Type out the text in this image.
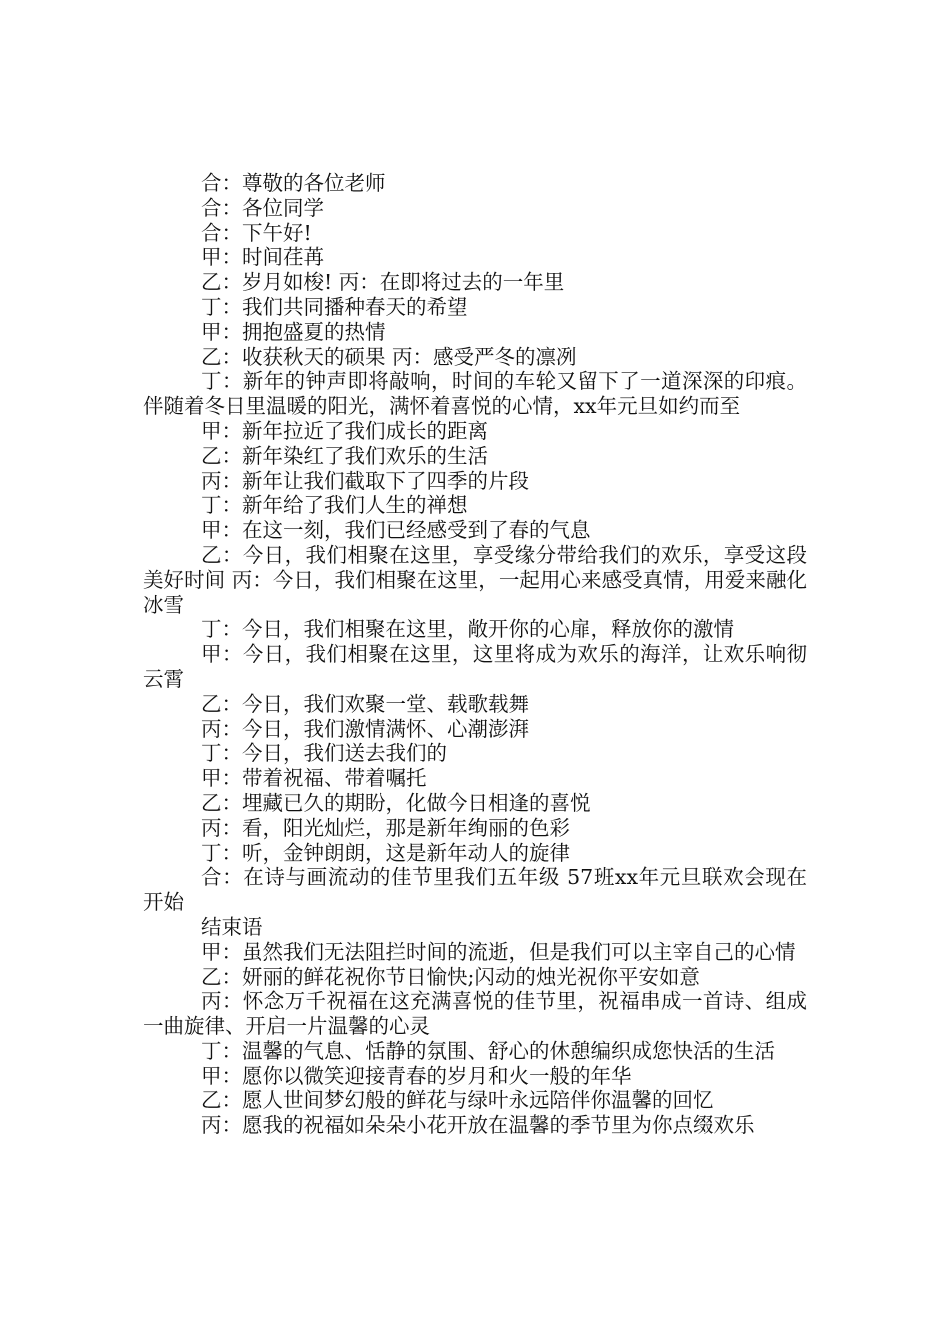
合：尊敬的各位老师

合：各位同学

合：下午好!

甲：时间荏苒

乙：岁月如梭! 丙：在即将过去的一年里

丁：我们共同播种春天的希望

甲：拥抱盛夏的热情

乙：收获秋天的硕果 丙：感受严冬的凛冽

丁：新年的钟声即将敲响，时间的车轮又留下了一道深深的印痕。伴随着冬日里温暖的阳光，满怀着喜悦的心情，xx年元旦如约而至

甲：新年拉近了我们成长的距离

乙：新年染红了我们欢乐的生活

丙：新年让我们截取下了四季的片段

丁：新年给了我们人生的禅想

甲：在这一刻，我们已经感受到了春的气息

乙：今日，我们相聚在这里，享受缘分带给我们的欢乐，享受这段美好时间 丙：今日，我们相聚在这里，一起用心来感受真情，用爱来融化冰雪

丁：今日，我们相聚在这里，敞开你的心扉，释放你的激情

甲：今日，我们相聚在这里，这里将成为欢乐的海洋，让欢乐响彻云霄

乙：今日，我们欢聚一堂、载歌载舞

丙：今日，我们激情满怀、心潮澎湃

丁：今日，我们送去我们的

甲：带着祝福、带着嘱托

乙：埋藏已久的期盼，化做今日相逢的喜悦

丙：看，阳光灿烂，那是新年绚丽的色彩

丁：听，金钟朗朗，这是新年动人的旋律

合：在诗与画流动的佳节里我们五年级 57班xx年元旦联欢会现在开始

结束语

甲：虽然我们无法阻拦时间的流逝，但是我们可以主宰自己的心情

乙：妍丽的鲜花祝你节日愉快;闪动的烛光祝你平安如意

丙：怀念万千祝福在这充满喜悦的佳节里，祝福串成一首诗、组成一曲旋律、开启一片温馨的心灵

丁：温馨的气息、恬静的氛围、舒心的休憩编织成您快活的生活

甲：愿你以微笑迎接青春的岁月和火一般的年华

乙：愿人世间梦幻般的鲜花与绿叶永远陪伴你温馨的回忆

丙：愿我的祝福如朵朵小花开放在温馨的季节里为你点缀欢乐
